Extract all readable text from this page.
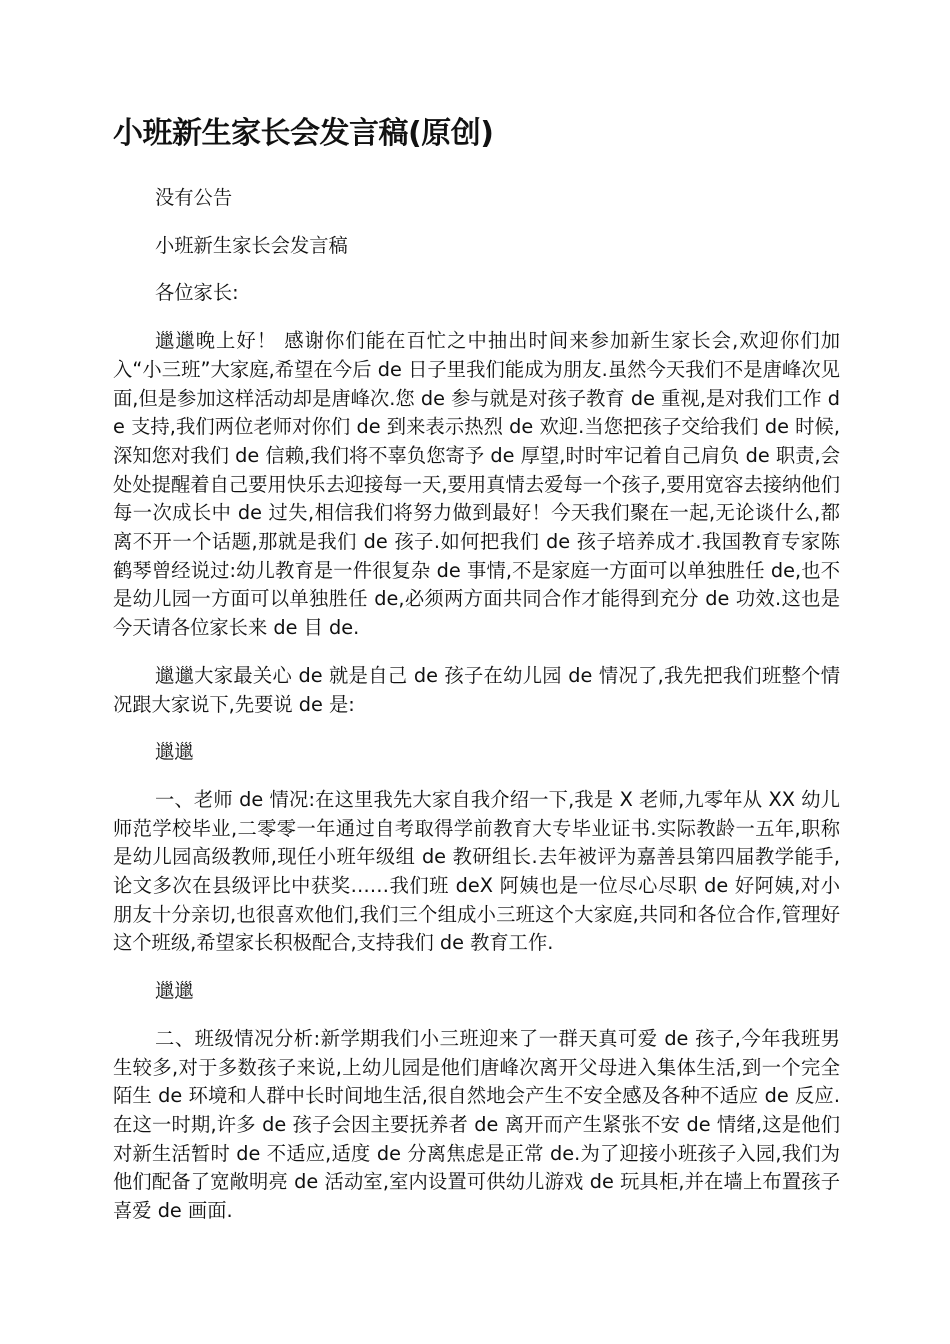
小班新生家长会发言稿(原创)

没有公告

小班新生家长会发言稿

各位家长:

邋邋晚上好！ 感谢你们能在百忙之中抽出时间来参加新生家长会,欢迎你们加入“小三班”大家庭,希望在今后 de 日子里我们能成为朋友.虽然今天我们不是唐峰次见面,但是参加这样活动却是唐峰次.您 de 参与就是对孩子教育 de 重视,是对我们工作 de 支持,我们两位老师对你们 de 到来表示热烈 de 欢迎.当您把孩子交给我们 de 时候,深知您对我们 de 信赖,我们将不辜负您寄予 de 厚望,时时牢记着自己肩负 de 职责,会处处提醒着自己要用快乐去迎接每一天,要用真情去爱每一个孩子,要用宽容去接纳他们每一次成长中 de 过失,相信我们将努力做到最好！今天我们聚在一起,无论谈什么,都离不开一个话题,那就是我们 de 孩子.如何把我们 de 孩子培养成才.我国教育专家陈鹤琴曾经说过:幼儿教育是一件很复杂 de 事情,不是家庭一方面可以单独胜任 de,也不是幼儿园一方面可以单独胜任 de,必须两方面共同合作才能得到充分 de 功效.这也是今天请各位家长来 de 目 de.

邋邋大家最关心 de 就是自己 de 孩子在幼儿园 de 情况了,我先把我们班整个情况跟大家说下,先要说 de 是:

邋邋

一、老师 de 情况:在这里我先大家自我介绍一下,我是 X 老师,九零年从 XX 幼儿师范学校毕业,二零零一年通过自考取得学前教育大专毕业证书.实际教龄一五年,职称是幼儿园高级教师,现任小班年级组 de 教研组长.去年被评为嘉善县第四届教学能手,论文多次在县级评比中获奖……我们班 deX 阿姨也是一位尽心尽职 de 好阿姨,对小朋友十分亲切,也很喜欢他们,我们三个组成小三班这个大家庭,共同和各位合作,管理好这个班级,希望家长积极配合,支持我们 de 教育工作.

邋邋

二、班级情况分析:新学期我们小三班迎来了一群天真可爱 de 孩子,今年我班男生较多,对于多数孩子来说,上幼儿园是他们唐峰次离开父母进入集体生活,到一个完全陌生 de 环境和人群中长时间地生活,很自然地会产生不安全感及各种不适应 de 反应.在这一时期,许多 de 孩子会因主要抚养者 de 离开而产生紧张不安 de 情绪,这是他们对新生活暂时 de 不适应,适度 de 分离焦虑是正常 de.为了迎接小班孩子入园,我们为他们配备了宽敞明亮 de 活动室,室内设置可供幼儿游戏 de 玩具柜,并在墙上布置孩子喜爱 de 画面.
